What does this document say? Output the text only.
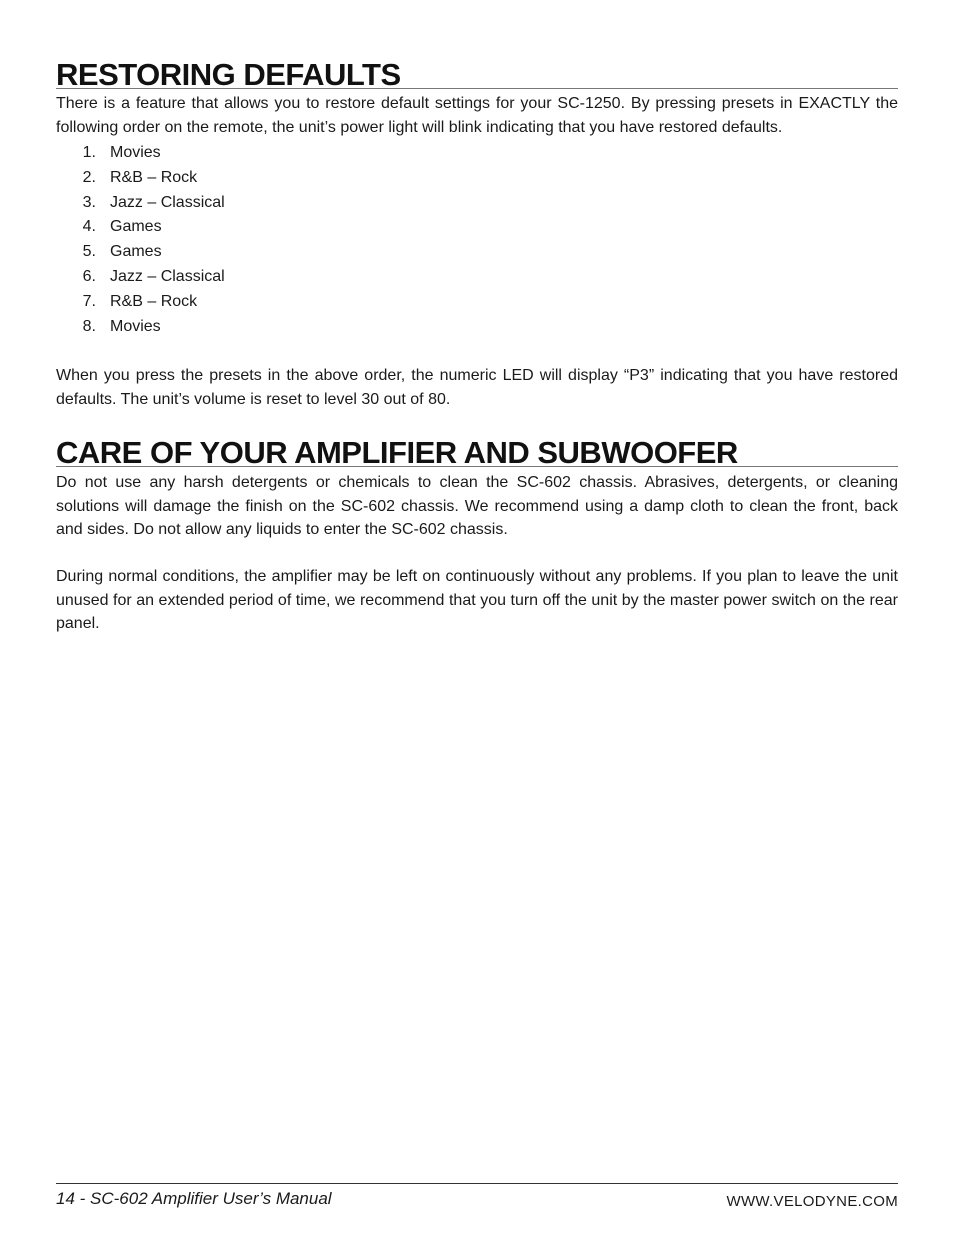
RESTORING DEFAULTS

There is a feature that allows you to restore default settings for your SC-1250. By pressing presets in EXACTLY the following order on the remote, the unit’s power light will blink indicating that you have restored defaults.

1. Movies
2. R&B – Rock
3. Jazz – Classical
4. Games
5. Games
6. Jazz – Classical
7. R&B – Rock
8. Movies

When you press the presets in the above order, the numeric LED will display “P3” indicating that you have restored defaults. The unit’s volume is reset to level 30 out of 80.

CARE OF YOUR AMPLIFIER AND SUBWOOFER

Do not use any harsh detergents or chemicals to clean the SC-602 chassis. Abrasives, detergents, or cleaning solutions will damage the finish on the SC-602 chassis. We recommend using a damp cloth to clean the front, back and sides. Do not allow any liquids to enter the SC-602 chassis.

During normal conditions, the amplifier may be left on continuously without any problems. If you plan to leave the unit unused for an extended period of time, we recommend that you turn off the unit by the master power switch on the rear panel.

14 - SC-602 Amplifier User’s Manual	WWW.VELODYNE.COM
